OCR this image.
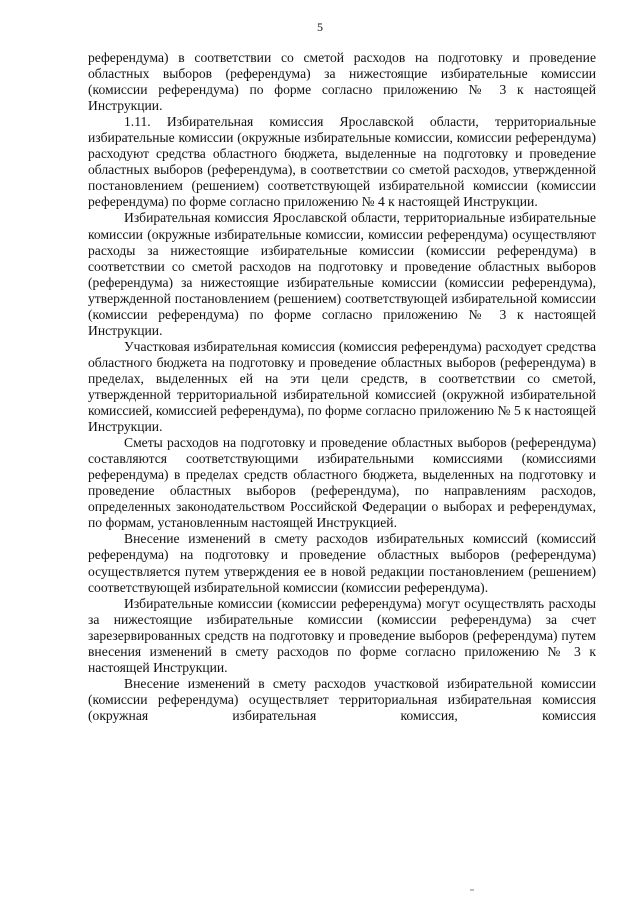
5

референдума) в соответствии со сметой расходов на подготовку и проведение областных выборов (референдума) за нижестоящие избирательные комиссии (комиссии референдума) по форме согласно приложению № 3 к настоящей Инструкции.

1.11. Избирательная комиссия Ярославской области, территориальные избирательные комиссии (окружные избирательные комиссии, комиссии референдума) расходуют средства областного бюджета, выделенные на подготовку и проведение областных выборов (референдума), в соответствии со сметой расходов, утвержденной постановлением (решением) соответствующей избирательной комиссии (комиссии референдума) по форме согласно приложению № 4 к настоящей Инструкции.

Избирательная комиссия Ярославской области, территориальные избирательные комиссии (окружные избирательные комиссии, комиссии референдума) осуществляют расходы за нижестоящие избирательные комиссии (комиссии референдума) в соответствии со сметой расходов на подготовку и проведение областных выборов (референдума) за нижестоящие избирательные комиссии (комиссии референдума), утвержденной постановлением (решением) соответствующей избирательной комиссии (комиссии референдума) по форме согласно приложению № 3 к настоящей Инструкции.

Участковая избирательная комиссия (комиссия референдума) расходует средства областного бюджета на подготовку и проведение областных выборов (референдума) в пределах, выделенных ей на эти цели средств, в соответствии со сметой, утвержденной территориальной избирательной комиссией (окружной избирательной комиссией, комиссией референдума), по форме согласно приложению № 5 к настоящей Инструкции.

Сметы расходов на подготовку и проведение областных выборов (референдума) составляются соответствующими избирательными комиссиями (комиссиями референдума) в пределах средств областного бюджета, выделенных на подготовку и проведение областных выборов (референдума), по направлениям расходов, определенных законодательством Российской Федерации о выборах и референдумах, по формам, установленным настоящей Инструкцией.

Внесение изменений в смету расходов избирательных комиссий (комиссий референдума) на подготовку и проведение областных выборов (референдума) осуществляется путем утверждения ее в новой редакции постановлением (решением) соответствующей избирательной комиссии (комиссии референдума).

Избирательные комиссии (комиссии референдума) могут осуществлять расходы за нижестоящие избирательные комиссии (комиссии референдума) за счет зарезервированных средств на подготовку и проведение выборов (референдума) путем внесения изменений в смету расходов по форме согласно приложению № 3 к настоящей Инструкции.

Внесение изменений в смету расходов участковой избирательной комиссии (комиссии референдума) осуществляет территориальная избирательная комиссия (окружная избирательная комиссия, комиссия
